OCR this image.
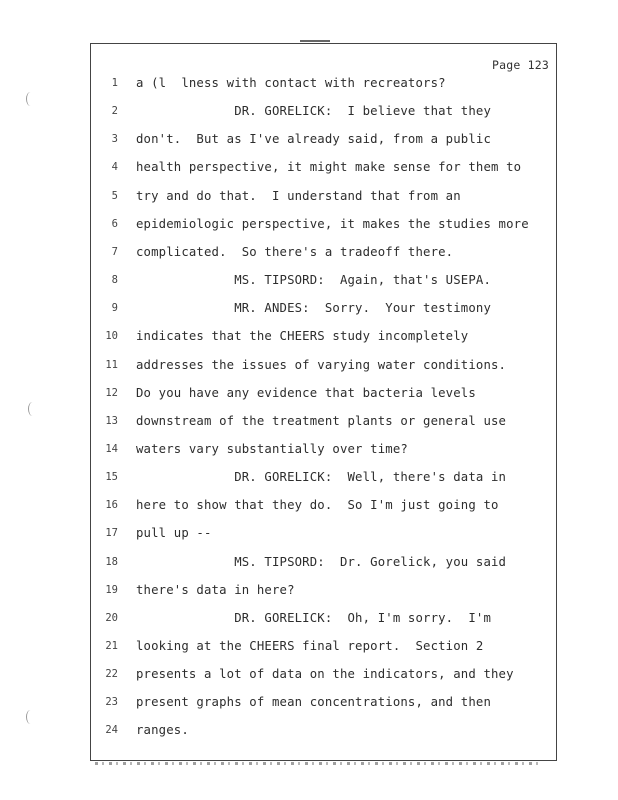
Page 123
1 a (l  lness with contact with recreators?
2 DR. GORELICK:  I believe that they
3 don't.  But as I've already said, from a public
4 health perspective, it might make sense for them to
5 try and do that.  I understand that from an
6 epidemiologic perspective, it makes the studies more
7 complicated.  So there's a tradeoff there.
8 MS. TIPSORD:  Again, that's USEPA.
9 MR. ANDES:  Sorry.  Your testimony
10 indicates that the CHEERS study incompletely
11 addresses the issues of varying water conditions.
12 Do you have any evidence that bacteria levels
13 downstream of the treatment plants or general use
14 waters vary substantially over time?
15 DR. GORELICK:  Well, there's data in
16 here to show that they do.  So I'm just going to
17 pull up --
18 MS. TIPSORD:  Dr. Gorelick, you said
19 there's data in here?
20 DR. GORELICK:  Oh, I'm sorry.  I'm
21 looking at the CHEERS final report.  Section 2
22 presents a lot of data on the indicators, and they
23 present graphs of mean concentrations, and then
24 ranges.
